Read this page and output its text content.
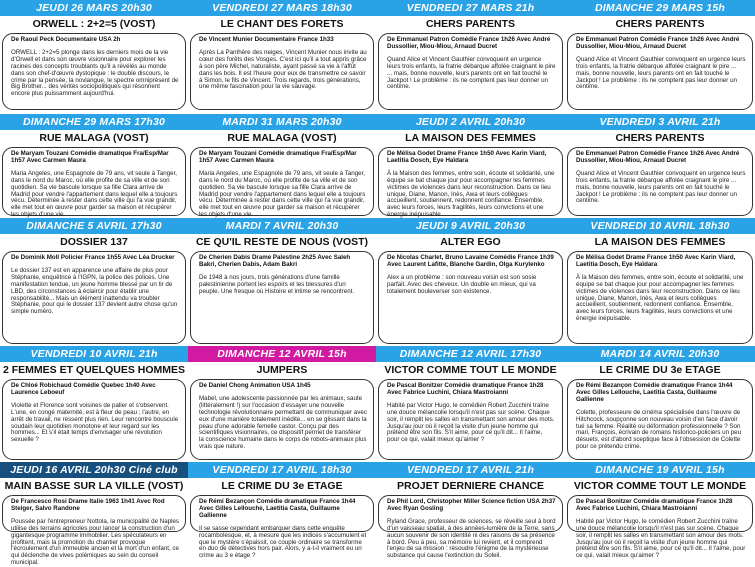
JEUDI 26 MARS 20h30
ORWELL : 2+2=5 (VOST)
De Raoul Peck Documentaire USA 2h
ORWELL : 2+2=5 plonge dans les derniers mois de la vie d'Orwell et dans son œuvre visionnaire pour explorer les racines des concepts troublants qu'il a révélés au monde dans son chef-d'œuvre dystopique : le double discours, le crime par la pensée, la novlangue, le spectre omniprésent de Big Brother... des vérités sociopolitiques qui résonnent encore plus puissamment aujourd'hui.
VENDREDI 27 MARS 18h30
LE CHANT DES FORETS
De Vincent Munier Documentaire France 1h33
Après La Panthère des neiges, Vincent Munier nous invite au cœur des forêts des Vosges. C'est ici qu'il a tout appris grâce à son père Michel, naturaliste, ayant passé sa vie à l'affût dans les bois. Il est l'heure pour eux de transmettre ce savoir à Simon, le fils de Vincent. Trois regards, trois générations, une même fascination pour la vie sauvage.
VENDREDI 27 MARS 21h
CHERS PARENTS
De Emmanuel Patron Comédie France 1h26 Avec André Dussollier, Miou-Miou, Arnaud Ducret
Quand Alice et Vincent Gauthier convoquent en urgence leurs trois enfants, la fratrie débarque affolée craignant le pire ... mais, bonne nouvelle, leurs parents ont en fait touché le Jackpot ! Le problème : ils ne comptent pas leur donner un centime.
DIMANCHE 29 MARS 15h
CHERS PARENTS
De Emmanuel Patron Comédie France 1h26 Avec André Dussollier, Miou-Miou, Arnaud Ducret
Quand Alice et Vincent Gauthier convoquent en urgence leurs trois enfants, la fratrie débarque affolée craignant le pire ... mais, bonne nouvelle, leurs parents ont en fait touché le Jackpot ! Le problème : ils ne comptent pas leur donner un centime.
DIMANCHE 29 MARS 17h30
RUE MALAGA (VOST)
De Maryam Touzani Comédie dramatique Fra/Esp/Mar 1h57 Avec Carmen Maura
Maria Angeles, une Espagnole de 79 ans, vit seule à Tanger, dans le nord du Maroc, où elle profite de sa ville et de son quotidien. Sa vie bascule lorsque sa fille Clara arrive de Madrid pour vendre l'appartement dans lequel elle a toujours vécu. Déterminée à rester dans cette ville qui l'a vue grandir, elle met tout en œuvre pour garder sa maison et récupérer les objets d'une vie.
MARDI 31 MARS 20h30
RUE MALAGA (VOST)
De Maryam Touzani Comédie dramatique Fra/Esp/Mar 1h57 Avec Carmen Maura
Maria Angeles, une Espagnole de 79 ans, vit seule à Tanger, dans le nord du Maroc, où elle profite de sa ville et de son quotidien. Sa vie bascule lorsque sa fille Clara arrive de Madrid pour vendre l'appartement dans lequel elle a toujours vécu. Déterminée à rester dans cette ville qui l'a vue grandir, elle met tout en œuvre pour garder sa maison et récupérer les objets d'une vie.
JEUDI 2 AVRIL 20h30
LA MAISON DES FEMMES
De Mélisa Godet Drame France 1h50 Avec Karin Viard, Laetitia Dosch, Eye Haïdara
À la Maison des femmes, entre soin, écoute et solidarité, une équipe se bat chaque jour pour accompagner les femmes victimes de violences dans leur reconstruction. Dans ce lieu unique, Diane, Manon, Inès, Awa et leurs collègues accueillent, soutiennent, redonnent confiance. Ensemble, avec leurs forces, leurs fragilités, leurs convictions et une énergie inépuisable.
VENDREDI 3 AVRIL 21h
CHERS PARENTS
De Emmanuel Patron Comédie France 1h26 Avec André Dussollier, Miou-Miou, Arnaud Ducret
Quand Alice et Vincent Gauthier convoquent en urgence leurs trois enfants, la fratrie débarque affolée craignant le pire ... mais, bonne nouvelle, leurs parents ont en fait touché le Jackpot ! Le problème : ils ne comptent pas leur donner un centime.
DIMANCHE 5 AVRIL 17h30
DOSSIER 137
De Dominik Moll Policier France 1h55 Avec Léa Drucker
Le dossier 137 est en apparence une affaire de plus pour Stéphanie, enquêtrice à l'IGPN, la police des polices. Une manifestation tendue, un jeune homme blessé par un tir de LBD, des circonstances à éclaircir pour établir une responsabilité... Mais un élément inattendu va troubler Stéphanie, pour qui le dossier 137 devient autre chose qu'un simple numéro.
MARDI 7 AVRIL 20h30
CE QU'IL RESTE DE NOUS (VOST)
De Cherien Dabis Drame Palestine 2h25 Avec Saleh Bakri, Cherien Dabis, Adam Bakri
De 1948 à nos jours, trois générations d'une famille palestinienne portent les espoirs et les blessures d'un peuple. Une fresque où Histoire et intime se rencontrent.
JEUDI 9 AVRIL 20h30
ALTER EGO
De Nicolas Charlet, Bruno Lavaine Comédie France 1h39 Avec Laurent Lafitte, Blanche Gardin, Olga Kurylenko
Alex a un problème : son nouveau voisin est son sosie parfait. Avec des cheveux. Un double en mieux, qui va totalement bouleverser son existence.
VENDREDI 10 AVRIL 18h30
LA MAISON DES FEMMES
De Mélisa Godet Drame France 1h50 Avec Karin Viard, Laetitia Dosch, Eye Haïdara
À la Maison des femmes, entre soin, écoute et solidarité, une équipe se bat chaque jour pour accompagner les femmes victimes de violences dans leur reconstruction. Dans ce lieu unique, Diane, Manon, Inès, Awa et leurs collègues accueillent, soutiennent, redonnent confiance. Ensemble, avec leurs forces, leurs fragilités, leurs convictions et une énergie inépuisable.
VENDREDI 10 AVRIL 21h
2 FEMMES ET QUELQUES HOMMES
De Chloé Robichaud Comédie Quebec 1h40 Avec Laurence Leboeuf
Violette et Florence sont voisines de palier et s'observent. L'une, en congé maternité, est à fleur de peau ; l'autre, en arrêt de travail, ne ressent plus rien. Leur rencontre bouscule soudain leur quotidien monotone et leur regard sur les hommes... Et s'il était temps d'envisager une révolution sexuelle ?
DIMANCHE 12 AVRIL 15h
JUMPERS
De Daniel Chong Animation USA 1h45
Mabel, une adolescente passionnée par les animaux, saute (littéralement !) sur l'occasion d'essayer une nouvelle technologie révolutionnaire permettant de communiquer avec eux d'une manière totalement inédite... en se glissant dans la peau d'une adorable femelle castor. Conçu par des scientifiques visionnaires, ce dispositif permet de transférer la conscience humaine dans le corps de robots-animaux plus vrais que nature.
DIMANCHE 12 AVRIL 17h30
VICTOR COMME TOUT LE MONDE
De Pascal Bonitzer Comédie dramatique France 1h28 Avec Fabrice Luchini, Chiara Mastroianni
Habité par Victor Hugo, le comédien Robert Zucchini traîne une douce mélancolie lorsqu'il n'est pas sur scène. Chaque soir, il remplit les salles en transmettant son amour des mots. Jusqu'au jour où il reçoit la visite d'un jeune homme qui prétend être son fils. S'il aime, pour ce qu'il dit... Il l'aime, pour ce qui, valait mieux qu'aimer ?
MARDI 14 AVRIL 20h30
LE CRIME DU 3e ETAGE
De Rémi Bezançon Comédie dramatique France 1h44 Avec Gilles Lellouche, Laetitia Casta, Guillaume Gallienne
Colette, professeure de cinéma spécialisée dans l'œuvre de Hitchcock, soupçonne son nouveau voisin d'en face d'avoir tué sa femme. Réalité ou déformation professionnelle ? Son mari, François, écrivain de romans historico-policiers un peu désuets, est d'abord sceptique face à l'obsession de Colette pour ce prétendu crime.
JEUDI 16 AVRIL 20h30 Ciné club
MAIN BASSE SUR LA VILLE (VOST)
De Francesco Rosi Drame Italie 1963 1h41 Avec Rod Steiger, Salvo Randone
Poussée par l'entrepreneur Nottola, la municipalité de Naples utilise des terrains agricoles pour lancer la construction d'un gigantesque programme immobilier. Les spéculateurs en profitent, mais la promotion du chantier provoque l'écroulement d'un immeuble ancien et la mort d'un enfant, ce qui déclenche de vives polémiques au sein du conseil municipal.
VENDREDI 17 AVRIL 18h30
LE CRIME DU 3e ETAGE
De Rémi Bezançon Comédie dramatique France 1h44 Avec Gilles Lellouche, Laetitia Casta, Guillaume Gallienne
Il se sasse cependant embarquer dans cette enquête rocambolesque, et, à mesure que les indices s'accumulent et que le mystère s'épaissit, ce couple ordinaire se transforme en duo de détectives hors pair. Alors, y a-t-il vraiment eu un crime au 3 e étage ?
VENDREDI 17 AVRIL 21h
PROJET DERNIERE CHANCE
De Phil Lord, Christopher Miller Science fiction USA 2h37 Avec Ryan Gosling
Ryland Grace, professeur de sciences, se réveille seul à bord d'un vaisseau spatial, à des années-lumière de la Terre, sans aucun souvenir de son identité ni des raisons de sa présence à bord. Peu à peu, sa mémoire lui revient, et il comprend l'enjeu de sa mission : résoudre l'énigme de la mystérieuse substance qui cause l'extinction du Soleil.
DIMANCHE 19 AVRIL 15h
VICTOR COMME TOUT LE MONDE
De Pascal Bonitzer Comédie dramatique France 1h28 Avec Fabrice Luchini, Chiara Mastroianni
Habité par Victor Hugo, le comédien Robert Zucchini traîne une douce mélancolie lorsqu'il n'est pas sur scène. Chaque soir, il remplit les salles en transmettant son amour des mots. Jusqu'au jour où il reçoit la visite d'un jeune homme qui prétend être son fils. S'il aime, pour ce qu'il dit... Il l'aime, pour ce qui, valait mieux qu'aimer ?
